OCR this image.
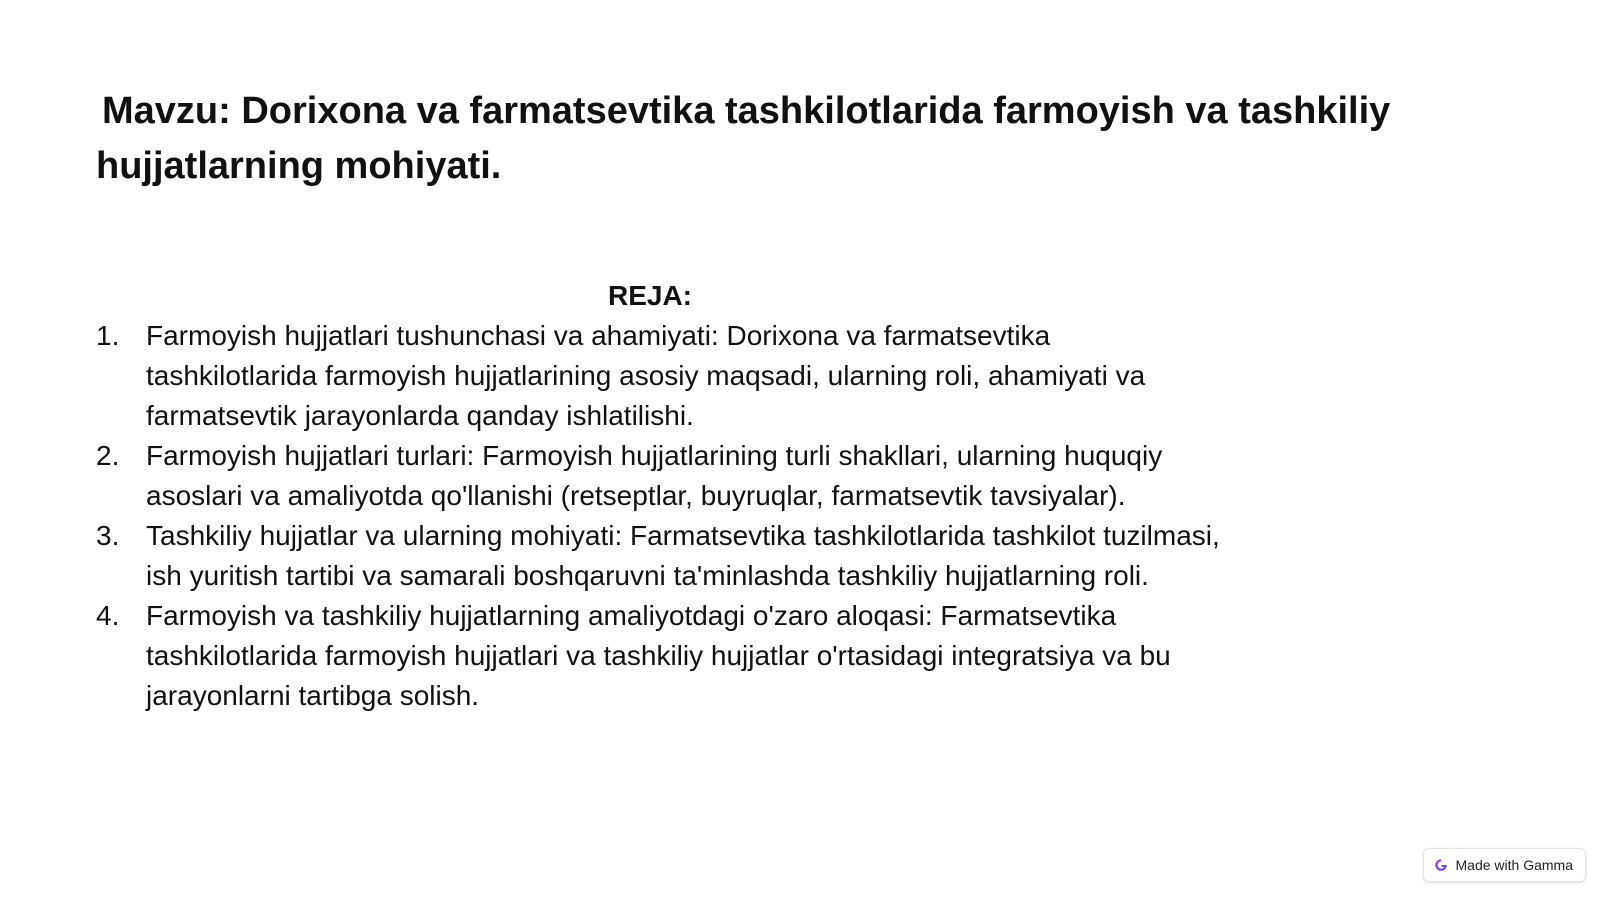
Mavzu: Dorixona va farmatsevtika tashkilotlarida farmoyish va tashkiliy
hujjatlarning mohiyati.
REJA:
1. Farmoyish hujjatlari tushunchasi va ahamiyati: Dorixona va farmatsevtika tashkilotlarida farmoyish hujjatlarining asosiy maqsadi, ularning roli, ahamiyati va farmatsevtik jarayonlarda qanday ishlatilishi.
2. Farmoyish hujjatlari turlari: Farmoyish hujjatlarining turli shakllari, ularning huquqiy asoslari va amaliyotda qo'llanishi (retseptlar, buyruqlar, farmatsevtik tavsiyalar).
3. Tashkiliy hujjatlar va ularning mohiyati: Farmatsevtika tashkilotlarida tashkilot tuzilmasi, ish yuritish tartibi va samarali boshqaruvni ta'minlashda tashkiliy hujjatlarning roli.
4. Farmoyish va tashkiliy hujjatlarning amaliyotdagi o'zaro aloqasi: Farmatsevtika tashkilotlarida farmoyish hujjatlari va tashkiliy hujjatlar o'rtasidagi integratsiya va bu jarayonlarni tartibga solish.
Made with Gamma
